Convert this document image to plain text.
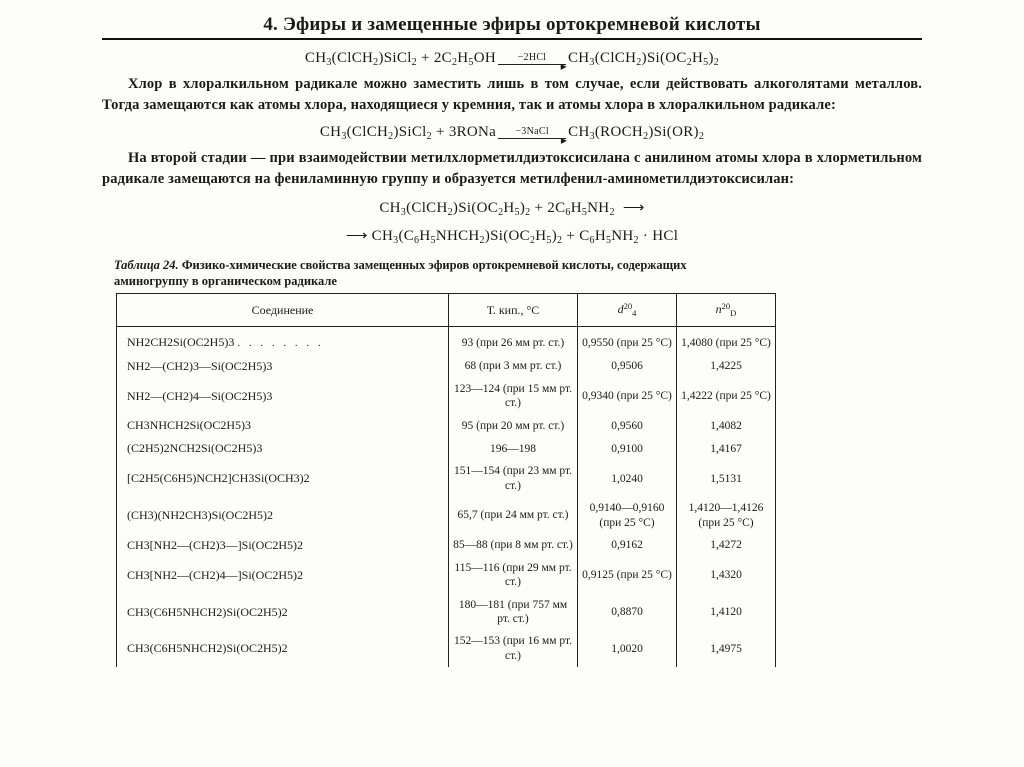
4. Эфиры и замещенные эфиры ортокремневой кислоты
$CH_3(ClCH_2)SiCl_2 + 2C_2H_5OH$	−2HCl
▸ $CH_3(ClCH_2)Si(OC_2H_5)_2$

Хлор в хлоралкильном радикале можно заместить лишь в том случае, если действовать алкоголятами металлов. Тогда замещаются как атомы хлора, находящиеся у кремния, так и атомы хлора в хлоралкильном радикале:

$CH_3(ClCH_2)SiCl_2$ + 3RONa	−3NaCl
▸ $CH_3(ROCH_2)Si(OR)_2$

На второй стадии — при взаимодействии метилхлорметилдиэтоксисилана с анилином атомы хлора в хлорметильном радикале замещаются на фениламинную группу и образуется метилфенил-аминометилдиэтоксисилан:

$CH_3(ClCH_2)Si(OC_2H_5)_2 + 2C_6H_5NH_2$  ⟶
⟶ $CH_3(C_6H_5NHCH_2)Si(OC_2H_5)_2 + C_6H_5NH_2$ · HCl
Таблица 24. Физико-химические свойства замещенных эфиров ортокремневой кислоты, содержащих аминогруппу в органическом радикале
Соединение	Т. кип., °C	$d^{20}_4$	$n^{20}_D$
NH2CH2Si(OC2H5)3 . . . . . . . .	93 (при 26 мм рт. ст.)	0,9550 (при 25 °C)	1,4080 (при 25 °C)
NH2—(CH2)3—Si(OC2H5)3	68 (при 3 мм рт. ст.)	0,9506	1,4225
NH2—(CH2)4—Si(OC2H5)3	123—124 (при 15 мм рт. ст.)	0,9340 (при 25 °C)	1,4222 (при 25 °C)
CH3NHCH2Si(OC2H5)3	95 (при 20 мм рт. ст.)	0,9560	1,4082
(C2H5)2NCH2Si(OC2H5)3	196—198	0,9100	1,4167
[C2H5(C6H5)NCH2]CH3Si(OCH3)2	151—154 (при 23 мм рт. ст.)	1,0240	1,5131
(CH3)(NH2CH3)Si(OC2H5)2	65,7 (при 24 мм рт. ст.)	0,9140—0,9160 (при 25 °C)	1,4120—1,4126 (при 25 °C)
CH3[NH2—(CH2)3—]Si(OC2H5)2	85—88 (при 8 мм рт. ст.)	0,9162	1,4272
CH3[NH2—(CH2)4—]Si(OC2H5)2	115—116 (при 29 мм рт. ст.)	0,9125 (при 25 °C)	1,4320
CH3(C6H5NHCH2)Si(OC2H5)2	180—181 (при 757 мм рт. ст.)	0,8870	1,4120
CH3(C6H5NHCH2)Si(OC2H5)2	152—153 (при 16 мм рт. ст.)	1,0020	1,4975
